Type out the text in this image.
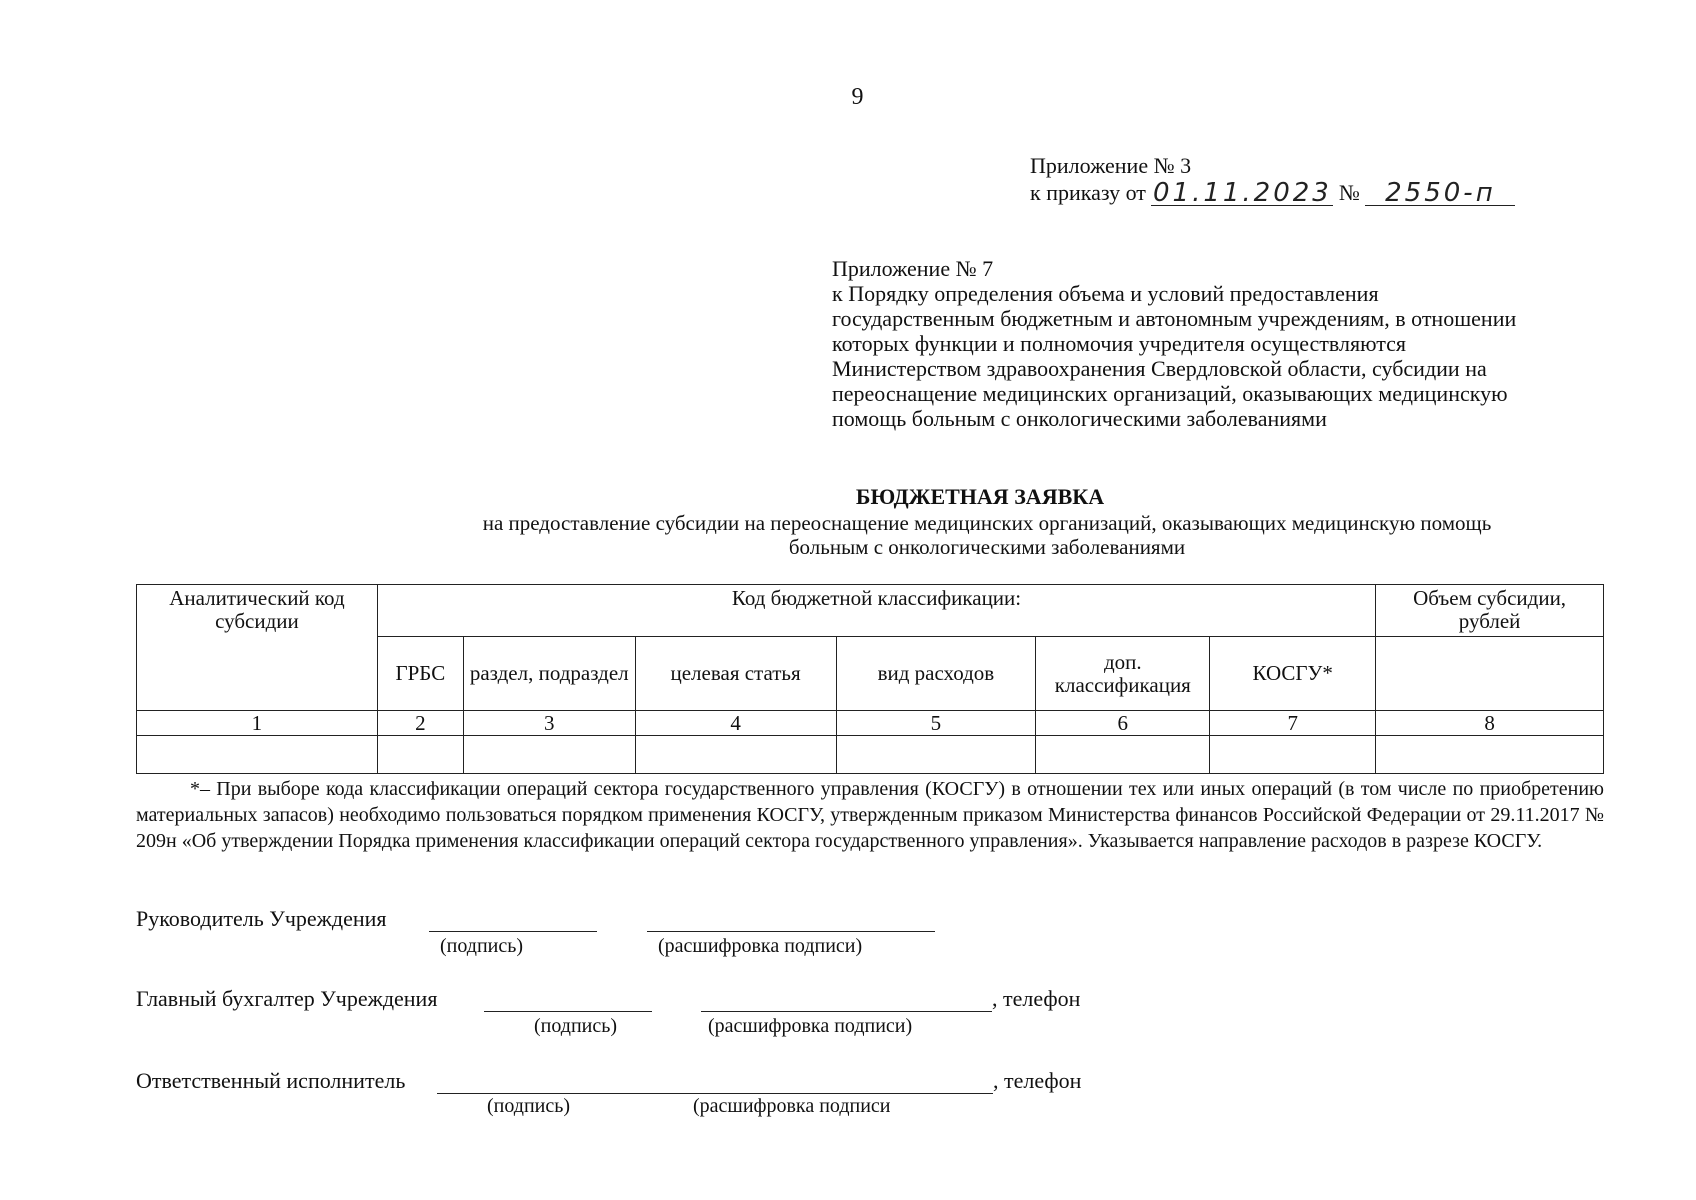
9
Приложение № 3
к приказу от
01.11.2023
№
2550-п
Приложение № 7
к Порядку определения объема и условий предоставления
государственным бюджетным и автономным учреждениям, в отношении
которых функции и полномочия учредителя осуществляются
Министерством здравоохранения Свердловской области, субсидии на
переоснащение медицинских организаций, оказывающих медицинскую
помощь больным с онкологическими заболеваниями
БЮДЖЕТНАЯ ЗАЯВКА
на предоставление субсидии на переоснащение медицинских организаций, оказывающих медицинскую помощь
больным с онкологическими заболеваниями
Аналитический код субсидии	Код бюджетной классификации:						Объем субсидии, рублей
	ГРБС	раздел, подраздел	целевая статья	вид расходов	доп. классификация	КОСГУ*	
1	2	3	4	5	6	7	8

*– При выборе кода классификации операций сектора государственного управления (КОСГУ) в отношении тех или иных операций (в том числе по приобретению материальных запасов) необходимо пользоваться порядком применения КОСГУ, утвержденным приказом Министерства финансов Российской Федерации от 29.11.2017 № 209н «Об утверждении Порядка применения классификации операций сектора государственного управления». Указывается направление расходов в разрезе КОСГУ.
Руководитель Учреждения
(подпись)	(расшифровка подписи)
Главный бухгалтер Учреждения	, телефон
(подпись)	(расшифровка подписи)
Ответственный исполнитель	, телефон
(подпись)	(расшифровка подписи
